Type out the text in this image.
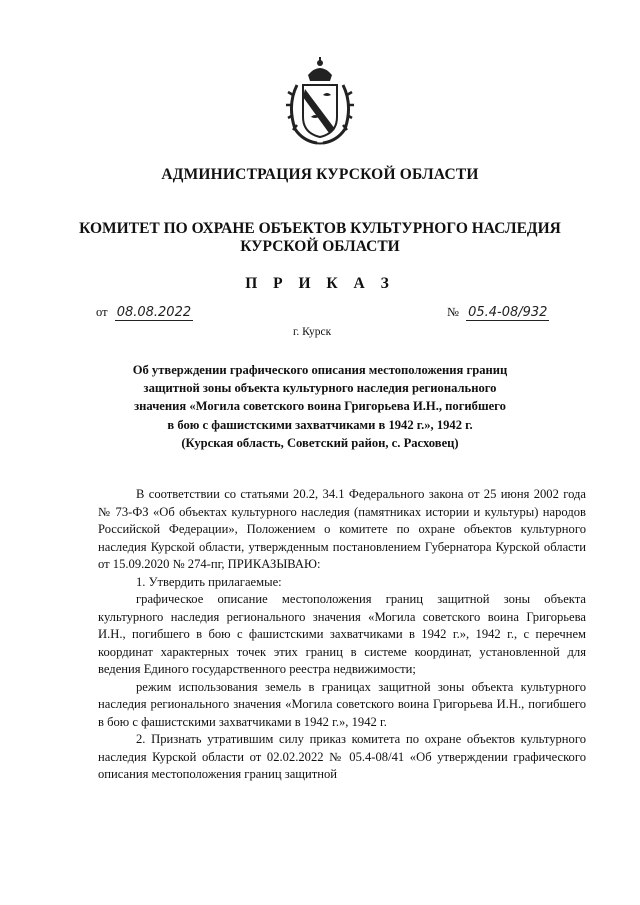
АДМИНИСТРАЦИЯ КУРСКОЙ ОБЛАСТИ
КОМИТЕТ ПО ОХРАНЕ ОБЪЕКТОВ КУЛЬТУРНОГО НАСЛЕДИЯ
КУРСКОЙ ОБЛАСТИ
П Р И К А З
от 08.08.2022	№ 05.4-08/932
г. Курск
Об утверждении графического описания местоположения границ
защитной зоны объекта культурного наследия регионального
значения «Могила советского воина Григорьева И.Н., погибшего
в бою с фашистскими захватчиками в 1942 г.», 1942 г.
(Курская область, Советский район, с. Расховец)

В соответствии со статьями 20.2, 34.1 Федерального закона от 25 июня 2002 года № 73-ФЗ «Об объектах культурного наследия (памятниках истории и культуры) народов Российской Федерации», Положением о комитете по охране объектов культурного наследия Курской области, утвержденным постановлением Губернатора Курской области от 15.09.2020 № 274-пг, ПРИКАЗЫВАЮ:

1. Утвердить прилагаемые:

графическое описание местоположения границ защитной зоны объекта культурного наследия регионального значения «Могила советского воина Григорьева И.Н., погибшего в бою с фашистскими захватчиками в 1942 г.», 1942 г., с перечнем координат характерных точек этих границ в системе координат, установленной для ведения Единого государственного реестра недвижимости;

режим использования земель в границах защитной зоны объекта культурного наследия регионального значения «Могила советского воина Григорьева И.Н., погибшего в бою с фашистскими захватчиками в 1942 г.», 1942 г.

2. Признать утратившим силу приказ комитета по охране объектов культурного наследия Курской области от 02.02.2022 № 05.4-08/41 «Об утверждении графического описания местоположения границ защитной
